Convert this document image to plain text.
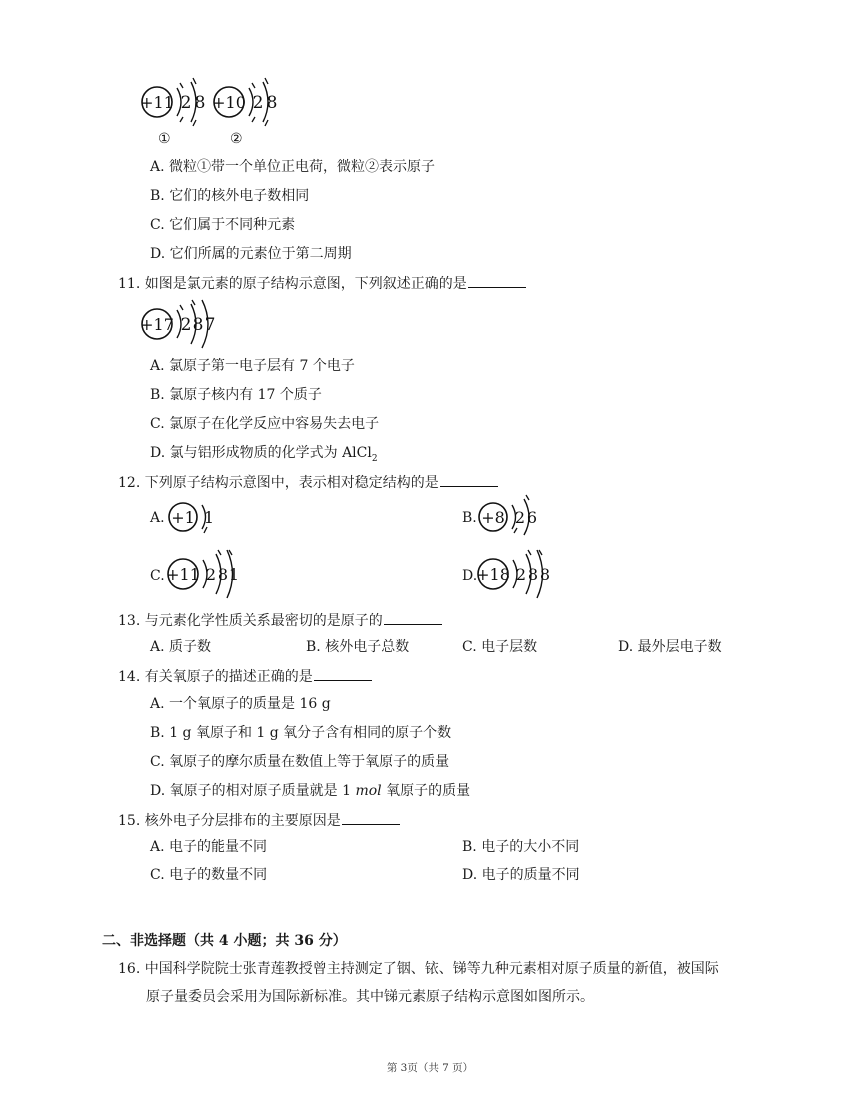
+11 2 8 +10 2 8
①	②
A. 微粒①带一个单位正电荷，微粒②表示原子
B. 它们的核外电子数相同
C. 它们属于不同种元素
D. 它们所属的元素位于第二周期
11. 如图是氯元素的原子结构示意图，下列叙述正确的是
+17 2 8 7
A. 氯原子第一电子层有 7 个电子
B. 氯原子核内有 17 个质子
C. 氯原子在化学反应中容易失去电子
D. 氯与铝形成物质的化学式为 AlCl$_2$
12. 下列原子结构示意图中，表示相对稳定结构的是
A. +1 1	B. +8 2 6
C. +11 2 8 1	D.
+18 2 8 8
13. 与元素化学性质关系最密切的是原子的
A. 质子数	B. 核外电子总数	C. 电子层数	D. 最外层电子数
14. 有关氧原子的描述正确的是
A. 一个氧原子的质量是 16 g
B. 1 g 氧原子和 1 g 氧分子含有相同的原子个数
C. 氧原子的摩尔质量在数值上等于氧原子的质量
D. 氧原子的相对原子质量就是 1 mol 氧原子的质量
15. 核外电子分层排布的主要原因是
A. 电子的能量不同	B. 电子的大小不同
C. 电子的数量不同	D. 电子的质量不同
二、非选择题（共 4 小题；共 36 分）
16. 中国科学院院士张青莲教授曾主持测定了铟、铱、锑等九种元素相对原子质量的新值，被国际
原子量委员会采用为国际新标准。其中锑元素原子结构示意图如图所示。
第 3页（共 7 页）
